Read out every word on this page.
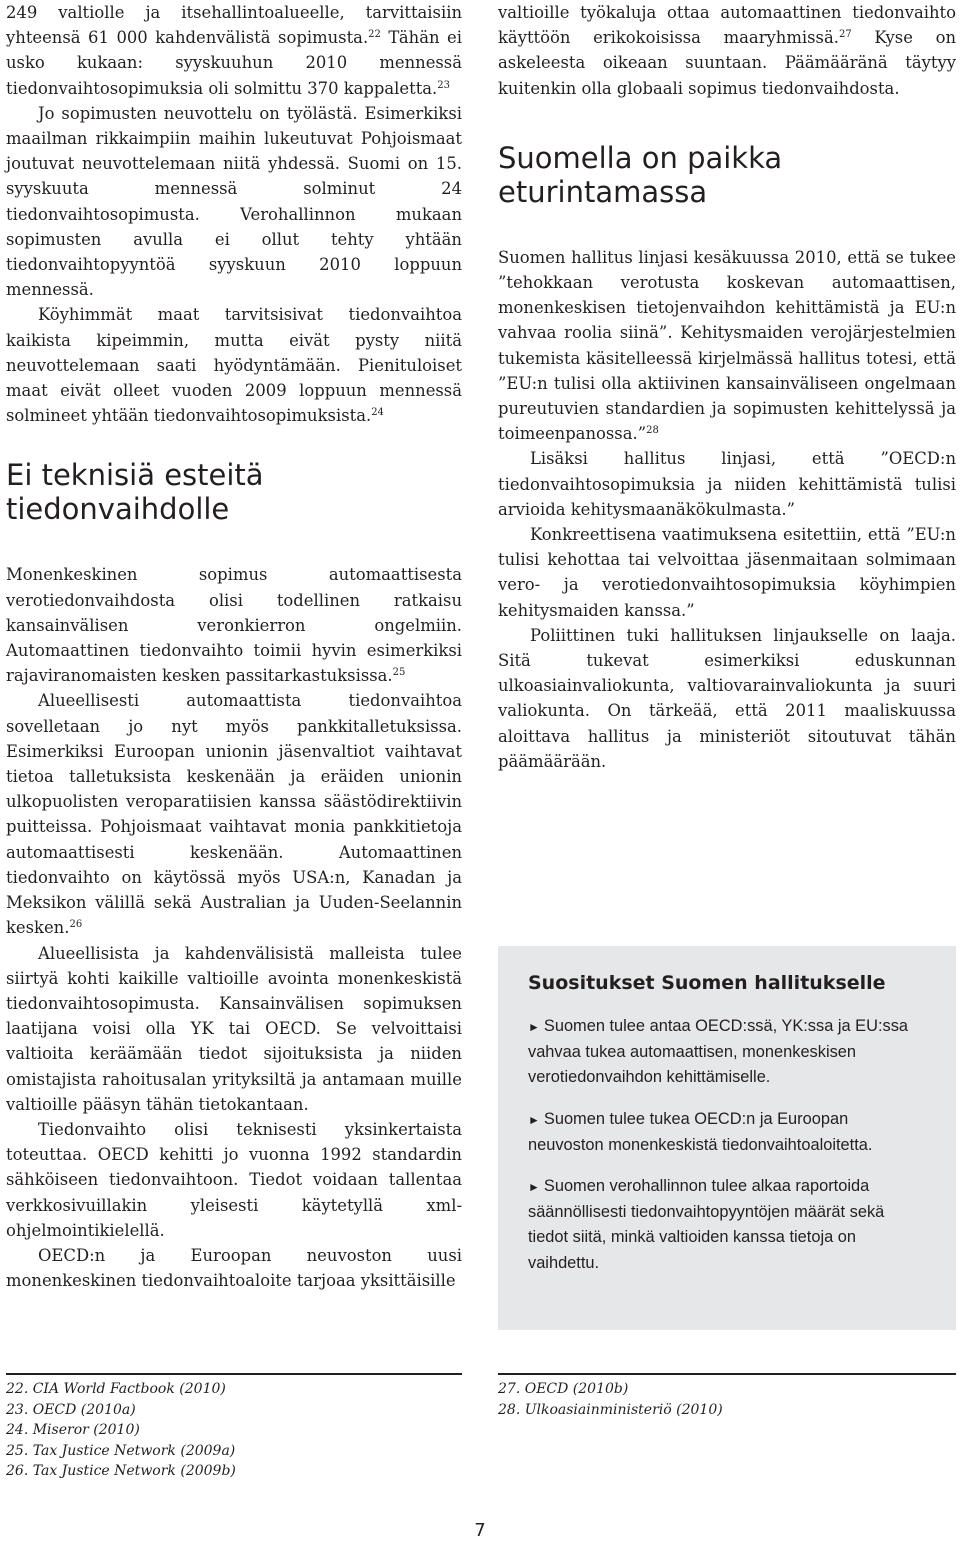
249 valtiolle ja itsehallintoalueelle, tarvittaisiin yhteensä 61 000 kahdenvälistä sopimusta.$^{22}$ Tähän ei usko kukaan: syyskuuhun 2010 mennessä tiedonvaihtosopimuksia oli solmittu 370 kappaletta.$^{23}$

Jo sopimusten neuvottelu on työlästä. Esimerkiksi maailman rikkaimpiin maihin lukeutuvat Pohjoismaat joutuvat neuvottelemaan niitä yhdessä. Suomi on 15. syyskuuta mennessä solminut 24 tiedonvaihtosopimusta. Verohallinnon mukaan sopimusten avulla ei ollut tehty yhtään tiedonvaihtopyyntöä syyskuun 2010 loppuun mennessä.

Köyhimmät maat tarvitsisivat tiedonvaihtoa kaikista kipeimmin, mutta eivät pysty niitä neuvottelemaan saati hyödyntämään. Pienituloiset maat eivät olleet vuoden 2009 loppuun mennessä solmineet yhtään tiedonvaihtosopimuksista.$^{24}$

Ei teknisiä esteitä tiedonvaihdolle

Monenkeskinen sopimus automaattisesta verotiedonvaihdosta olisi todellinen ratkaisu kansainvälisen veronkierron ongelmiin. Automaattinen tiedonvaihto toimii hyvin esimerkiksi rajaviranomaisten kesken passitarkastuksissa.$^{25}$

Alueellisesti automaattista tiedonvaihtoa sovelletaan jo nyt myös pankkitalletuksissa. Esimerkiksi Euroopan unionin jäsenvaltiot vaihtavat tietoa talletuksista keskenään ja eräiden unionin ulkopuolisten veroparatiisien kanssa säästödirektiivin puitteissa. Pohjoismaat vaihtavat monia pankkitietoja automaattisesti keskenään. Automaattinen tiedonvaihto on käytössä myös USA:n, Kanadan ja Meksikon välillä sekä Australian ja Uuden-Seelannin kesken.$^{26}$

Alueellisista ja kahdenvälisistä malleista tulee siirtyä kohti kaikille valtioille avointa monenkeskistä tiedonvaihtosopimusta. Kansainvälisen sopimuksen laatijana voisi olla YK tai OECD. Se velvoittaisi valtioita keräämään tiedot sijoituksista ja niiden omistajista rahoitusalan yrityksiltä ja antamaan muille valtioille pääsyn tähän tietokantaan.

Tiedonvaihto olisi teknisesti yksinkertaista toteuttaa. OECD kehitti jo vuonna 1992 standardin sähköiseen tiedonvaihtoon. Tiedot voidaan tallentaa verkkosivuillakin yleisesti käytetyllä xml-ohjelmointikielellä.

OECD:n ja Euroopan neuvoston uusi monenkeskinen tiedonvaihtoaloite tarjoaa yksittäisille

valtioille työkaluja ottaa automaattinen tiedonvaihto käyttöön erikokoisissa maaryhmissä.$^{27}$ Kyse on askeleesta oikeaan suuntaan. Päämääränä täytyy kuitenkin olla globaali sopimus tiedonvaihdosta.

Suomella on paikka eturintamassa

Suomen hallitus linjasi kesäkuussa 2010, että se tukee ”tehokkaan verotusta koskevan automaattisen, monenkeskisen tietojenvaihdon kehittämistä ja EU:n vahvaa roolia siinä”. Kehitysmaiden verojärjestelmien tukemista käsitelleessä kirjelmässä hallitus totesi, että ”EU:n tulisi olla aktiivinen kansainväliseen ongelmaan pureutuvien standardien ja sopimusten kehittelyssä ja toimeenpanossa.”$^{28}$

Lisäksi hallitus linjasi, että ”OECD:n tiedonvaihtosopimuksia ja niiden kehittämistä tulisi arvioida kehitysmaanäkökulmasta.”

Konkreettisena vaatimuksena esitettiin, että ”EU:n tulisi kehottaa tai velvoittaa jäsenmaitaan solmimaan vero- ja verotiedonvaihtosopimuksia köyhimpien kehitysmaiden kanssa.”

Poliittinen tuki hallituksen linjaukselle on laaja. Sitä tukevat esimerkiksi eduskunnan ulkoasiainvaliokunta, valtiovarainvaliokunta ja suuri valiokunta. On tärkeää, että 2011 maaliskuussa aloittava hallitus ja ministeriöt sitoutuvat tähän päämäärään.

Suositukset Suomen hallitukselle
► Suomen tulee antaa OECD:ssä, YK:ssa ja EU:ssa vahvaa tukea automaattisen, monenkeskisen verotiedonvaihdon kehittämiselle.
► Suomen tulee tukea OECD:n ja Euroopan neuvoston monenkeskistä tiedonvaihtoaloitetta.
► Suomen verohallinnon tulee alkaa raportoida säännöllisesti tiedonvaihtopyyntöjen määrät sekä tiedot siitä, minkä valtioiden kanssa tietoja on vaihdettu.
22. CIA World Factbook (2010)
23. OECD (2010a)
24. Miseror (2010)
25. Tax Justice Network (2009a)
26. Tax Justice Network (2009b)
27. OECD (2010b)
28. Ulkoasiainministeriö (2010)
7
